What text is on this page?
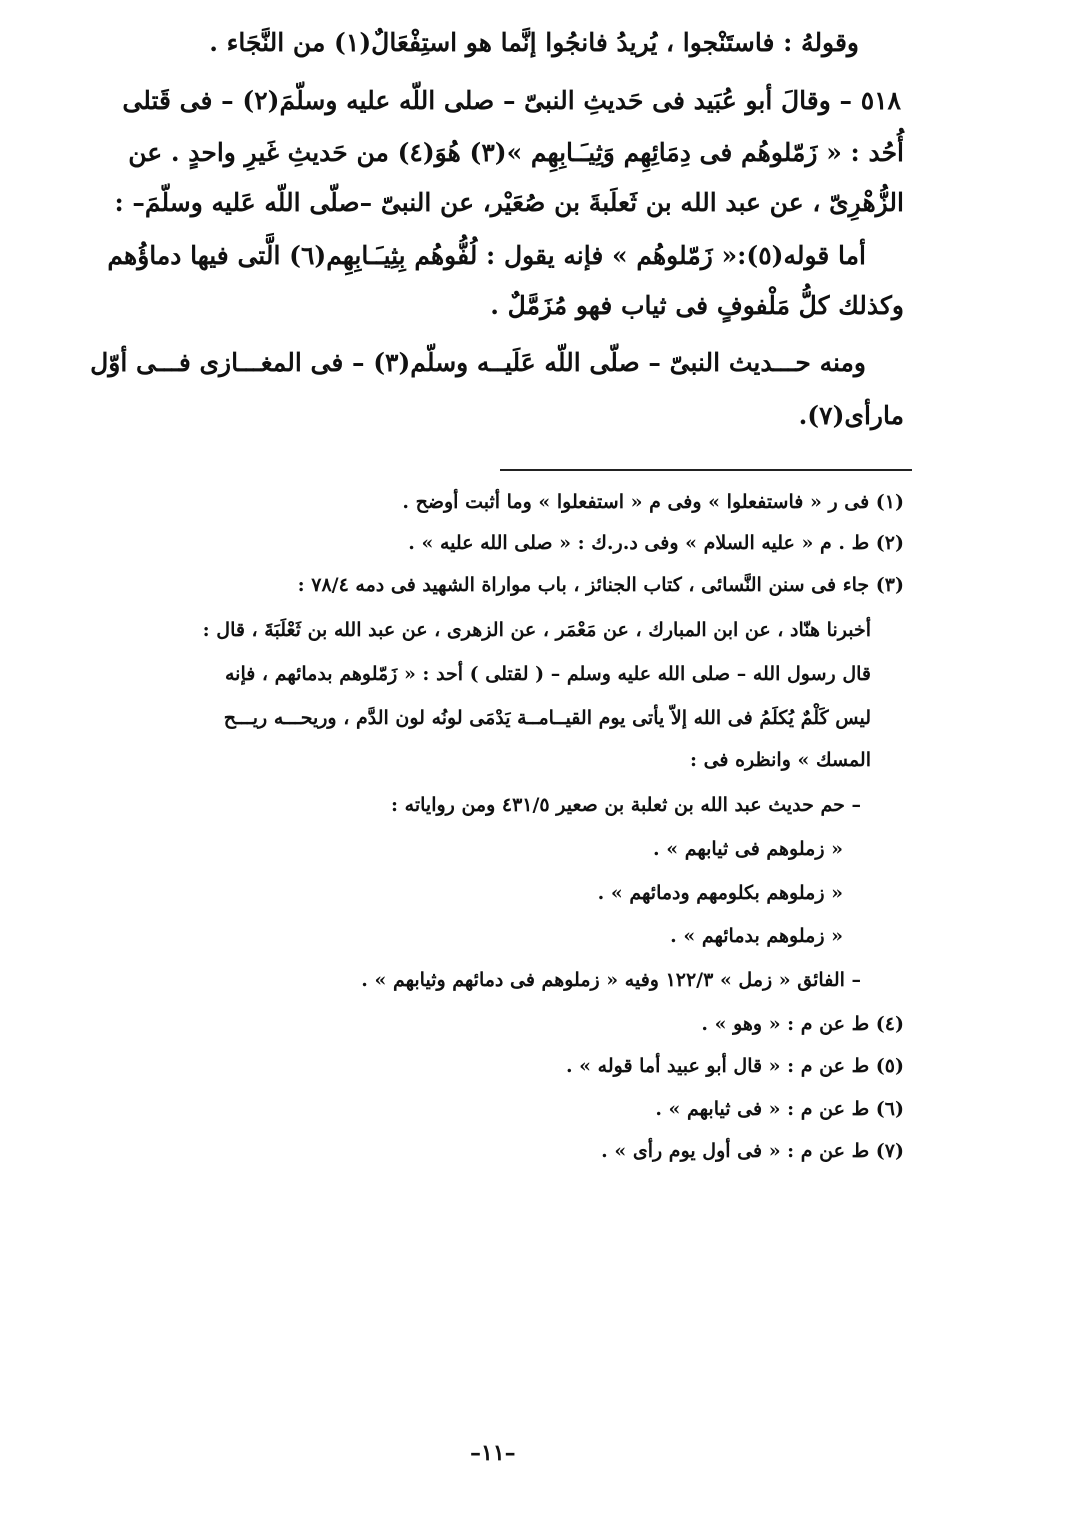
وقولهُ : فاستَنْجوا ، يُريدُ فانجُوا إنَّما هو استِفْعَالٌ(١) من النَّجَاء .
٥١٨ – وقالَ أبو عُبَيد فى حَديثِ النبىّ – صلى اللّه عليه وسلّمَ(٢) – فى قَتلى
أُحُد : « زَمّلوهُم فى دِمَائِهِم وَثِيـَـابِهِم »(٣) هُوَ(٤) من حَديثِ غَيرِ واحدٍ . عن
الزُّهْرِىّ ، عن عبد الله بن ثَعلَبةَ بن صُعَيْر، عن النبىّ –صلّى اللّه عَليه وسلّمَ– :
أما قوله(٥):« زَمّلوهُم » فإنه يقول : لُفُّوهُم بِثِيـَـابِهِم(٦) الَّتى فيها دماؤُهم
وكذلك كلُّ مَلْفوفٍ فى ثياب فهو مُزَمَّلٌ .
ومنه حـــديث النبىّ – صلّى اللّه عَلَيــه وسلّم(٣) – فى المغـــازى فـــى أوّل
مارأى(٧).
(١) فى ر « فاستفعلوا » وفى م « استفعلوا » وما أثبت أوضح .
(٢) ط . م « عليه السلام » وفى د.ر.ك : « صلى الله عليه » .
(٣) جاء فى سنن النَّسائى ، كتاب الجنائز ، باب مواراة الشهيد فى دمه ٧٨/٤ :
أخبرنا هنّاد ، عن ابن المبارك ، عن مَعْمَر ، عن الزهرى ، عن عبد الله بن ثَعْلَبَةَ ، قال :
قال رسول الله – صلى الله عليه وسلم – ( لقتلى ) أحد : « زَمّلوهم بدمائهم ، فإنه
ليس كَلْمٌ يُكلَمُ فى الله إلاّ يأتى يوم القيــامــة يَدْمَى لونُه لون الدَّم ، وريحـــه ريـــح
المسك » وانظره فى :
– حم حديث عبد الله بن ثعلبة بن صعير ٤٣١/٥ ومن رواياته :
« زملوهم فى ثيابهم » .
« زملوهم بكلومهم ودمائهم » .
« زملوهم بدمائهم » .
– الفائق « زمل » ١٢٢/٣ وفيه « زملوهم فى دمائهم وثيابهم » .
(٤) ط عن م : « وهو » .
(٥) ط عن م : « قال أبو عبيد أما قوله » .
(٦) ط عن م : « فى ثيابهم » .
(٧) ط عن م : « فى أول يوم رأى » .
–١١–
